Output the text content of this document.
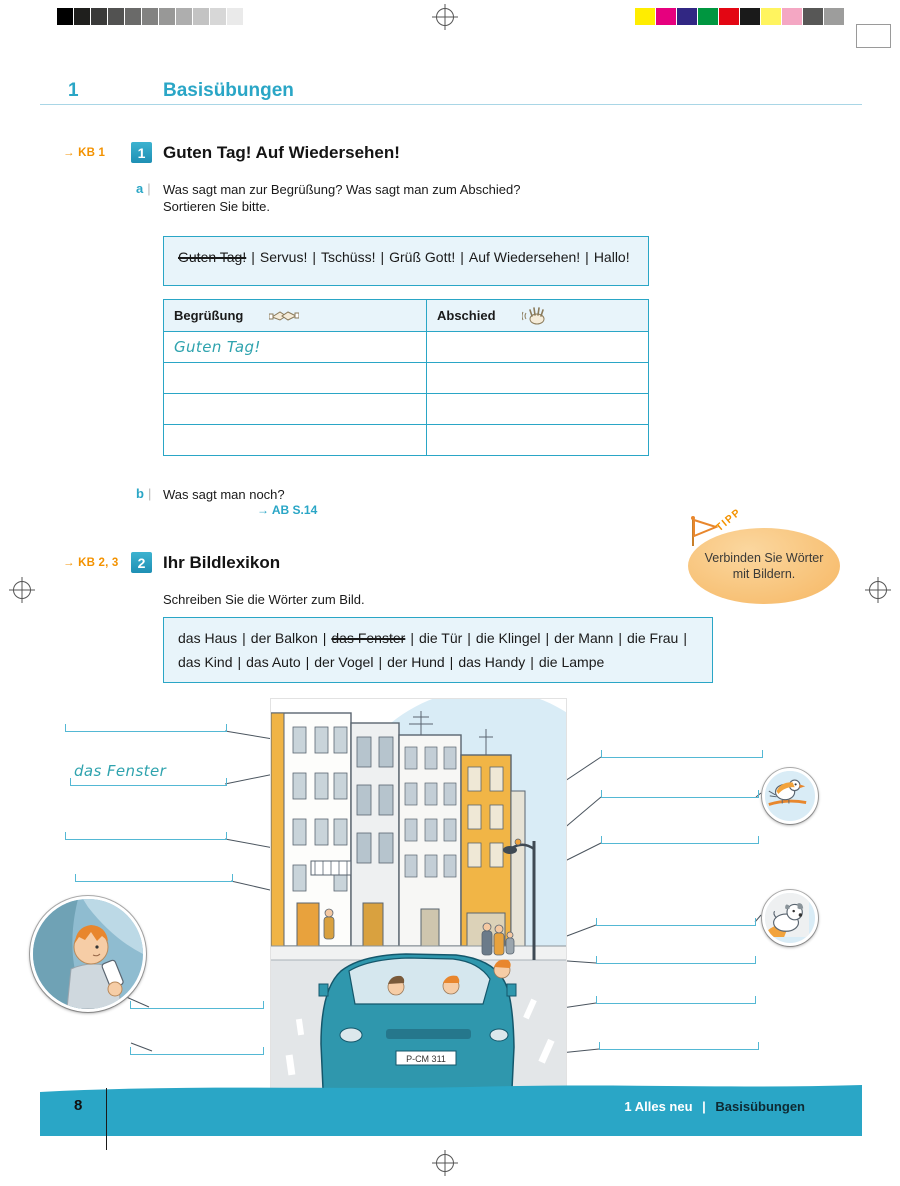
1	Basisübungen
→ KB 1	1	Guten Tag! Auf Wiedersehen!
a | Was sagt man zur Begrüßung? Was sagt man zum Abschied?
Sortieren Sie bitte.
Guten Tag! | Servus! | Tschüss! | Grüß Gott! | Auf Wiedersehen! | Hallo!
Begrüßung	Abschied

Guten Tag!	

b | Was sagt man noch?
→ AB S.14
Verbinden Sie Wörter mit Bildern.
TIPP
→ KB 2, 3	2	Ihr Bildlexikon
Schreiben Sie die Wörter zum Bild.
das Haus | der Balkon | das Fenster | die Tür | die Klingel | der Mann | die Frau |
das Kind | das Auto | der Vogel | der Hund | das Handy | die Lampe
P-CM 311
das Fenster
8	1 Alles neu | Basisübungen
